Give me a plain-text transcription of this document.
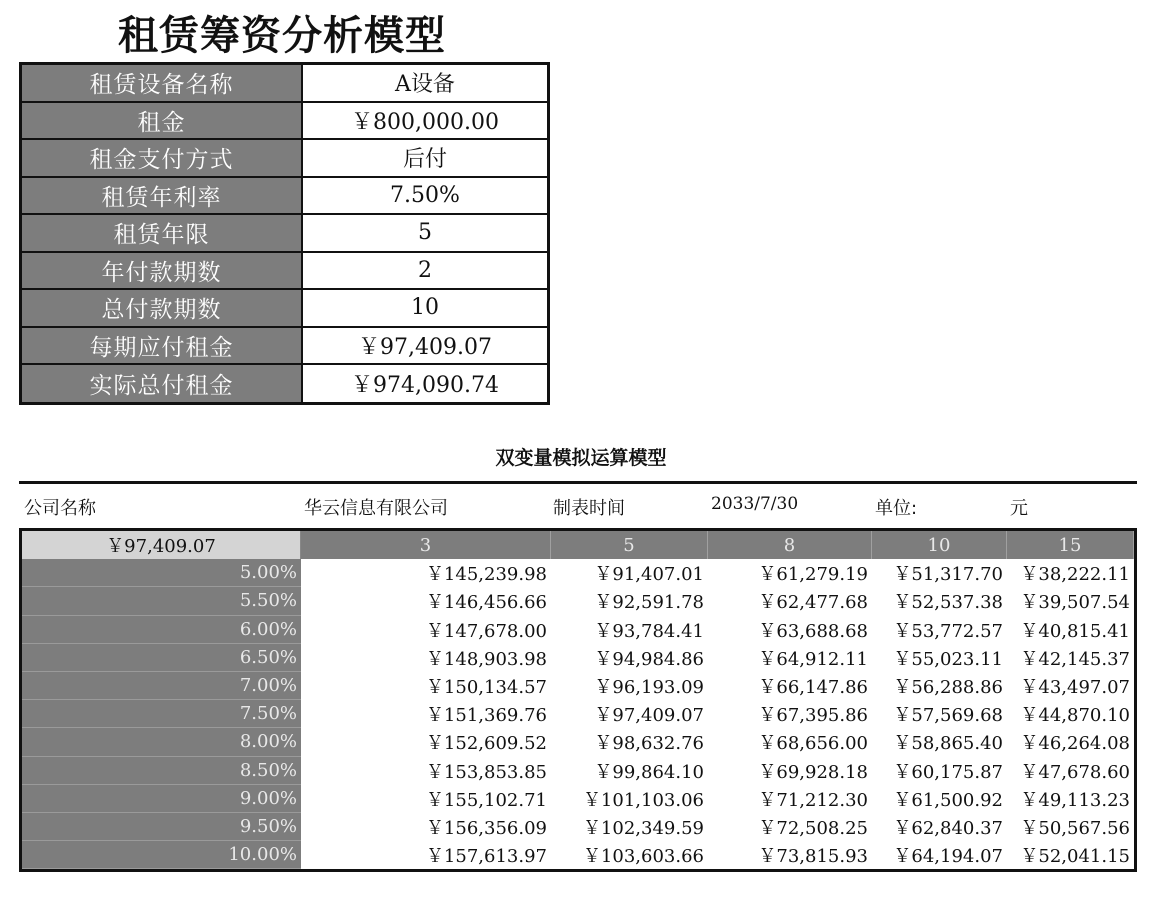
租赁筹资分析模型
租赁设备名称	A设备
租金	￥800,000.00
租金支付方式	后付
租赁年利率	7.50%
租赁年限	5
年付款期数	2
总付款期数	10
每期应付租金	￥97,409.07
实际总付租金	￥974,090.74
双变量模拟运算模型
公司名称	华云信息有限公司	制表时间	2033/7/30	单位:	元
￥97,409.07	3	5	8	10	15
5.00%	￥145,239.98	￥91,407.01	￥61,279.19	￥51,317.70 ￥38,222.11
5.50%	￥146,456.66	￥92,591.78	￥62,477.68	￥52,537.38 ￥39,507.54
6.00%	￥147,678.00	￥93,784.41	￥63,688.68	￥53,772.57 ￥40,815.41
6.50%	￥148,903.98	￥94,984.86	￥64,912.11	￥55,023.11 ￥42,145.37
7.00%	￥150,134.57	￥96,193.09	￥66,147.86	￥56,288.86 ￥43,497.07
7.50%	￥151,369.76	￥97,409.07	￥67,395.86	￥57,569.68 ￥44,870.10
8.00%	￥152,609.52	￥98,632.76	￥68,656.00	￥58,865.40 ￥46,264.08
8.50%	￥153,853.85	￥99,864.10	￥69,928.18	￥60,175.87 ￥47,678.60
9.00%	￥155,102.71	￥101,103.06	￥71,212.30	￥61,500.92 ￥49,113.23
9.50%	￥156,356.09	￥102,349.59	￥72,508.25	￥62,840.37 ￥50,567.56
10.00%	￥157,613.97	￥103,603.66	￥73,815.93	￥64,194.07 ￥52,041.15
